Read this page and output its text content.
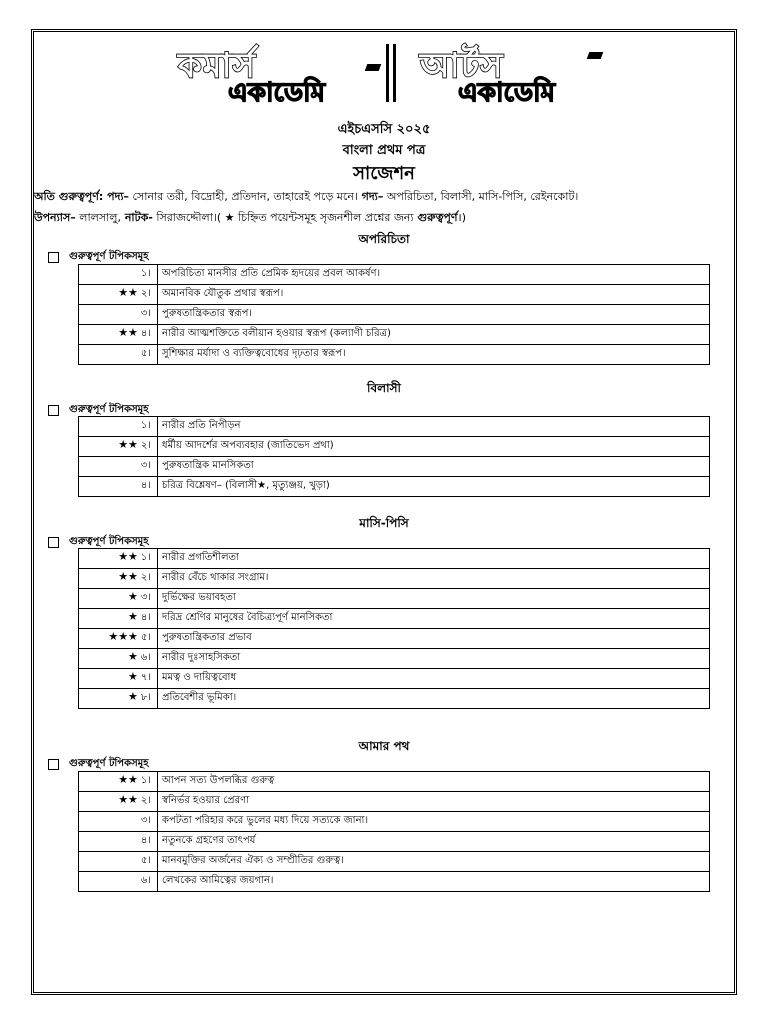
কমার্স
একাডেমি
আর্টস
একাডেমি
এইচএসসি ২০২৫
বাংলা প্রথম পত্র
সাজেশন
অতি গুরুত্বপূর্ণ: পদ্য– সোনার তরী, বিদ্রোহী, প্রতিদান, তাহারেই পড়ে মনে। গদ্য– অপরিচিতা, বিলাসী, মাসি-পিসি, রেইনকোট।
উপন্যাস– লালসালু, নাটক- সিরাজদ্দৌলা।( ★ চিহ্নিত পয়েন্টসমূহ সৃজনশীল প্রশ্নের জন্য গুরুত্বপূর্ণ।)
অপরিচিতা
গুরুত্বপূর্ণ টপিকসমূহ
১।	অপরিচিতা মানসীর প্রতি প্রেমিক হৃদয়ের প্রবল আকর্ষণ।
★★ ২।	অমানবিক যৌতুক প্রথার স্বরূপ।
৩।	পুরুষতান্ত্রিকতার স্বরূপ।
★★ ৪।	নারীর আত্মশক্তিতে বলীয়ান হওয়ার স্বরূপ (কল্যাণী চরিত্র)
৫।	সুশিক্ষার মর্যাদা ও ব্যক্তিত্ববোধের দৃঢ়তার স্বরূপ।
বিলাসী
গুরুত্বপূর্ণ টপিকসমূহ
১।	নারীর প্রতি নিপীড়ন
★★ ২।	ধর্মীয় আদর্শের অপব্যবহার (জাতিভেদ প্রথা)
৩।	পুরুষতান্ত্রিক মানসিকতা
৪।	চরিত্র বিশ্লেষণ– (বিলাসী★, মৃত্যুঞ্জয়, খুড়া)
মাসি-পিসি
গুরুত্বপূর্ণ টপিকসমূহ
★★ ১।	নারীর প্রগতিশীলতা
★★ ২।	নারীর বেঁচে থাকার সংগ্রাম।
★ ৩।	দুর্ভিক্ষের ভয়াবহতা
★ ৪।	দরিদ্র শ্রেণির মানুষের বৈচিত্র্যপূর্ণ মানসিকতা
★★★ ৫।	পুরুষতান্ত্রিকতার প্রভাব
★ ৬।	নারীর দুঃসাহসিকতা
★ ৭।	মমত্ব ও দায়িত্ববোধ
★ ৮।	প্রতিবেশীর ভূমিকা।
আমার পথ
গুরুত্বপূর্ণ টপিকসমূহ
★★ ১।	আপন সত্য উপলব্ধির গুরুত্ব
★★ ২।	স্বনির্ভর হওয়ার প্রেরণা
৩।	কপটতা পরিহার করে ভুলের মধ্য দিয়ে সত্যকে জানা।
৪।	নতুনকে গ্রহণের তাৎপর্য
৫।	মানবমুক্তির অর্জনের ঐক্য ও সম্প্রীতির গুরুত্ব।
৬।	লেখকের আমিত্বের জয়গান।
